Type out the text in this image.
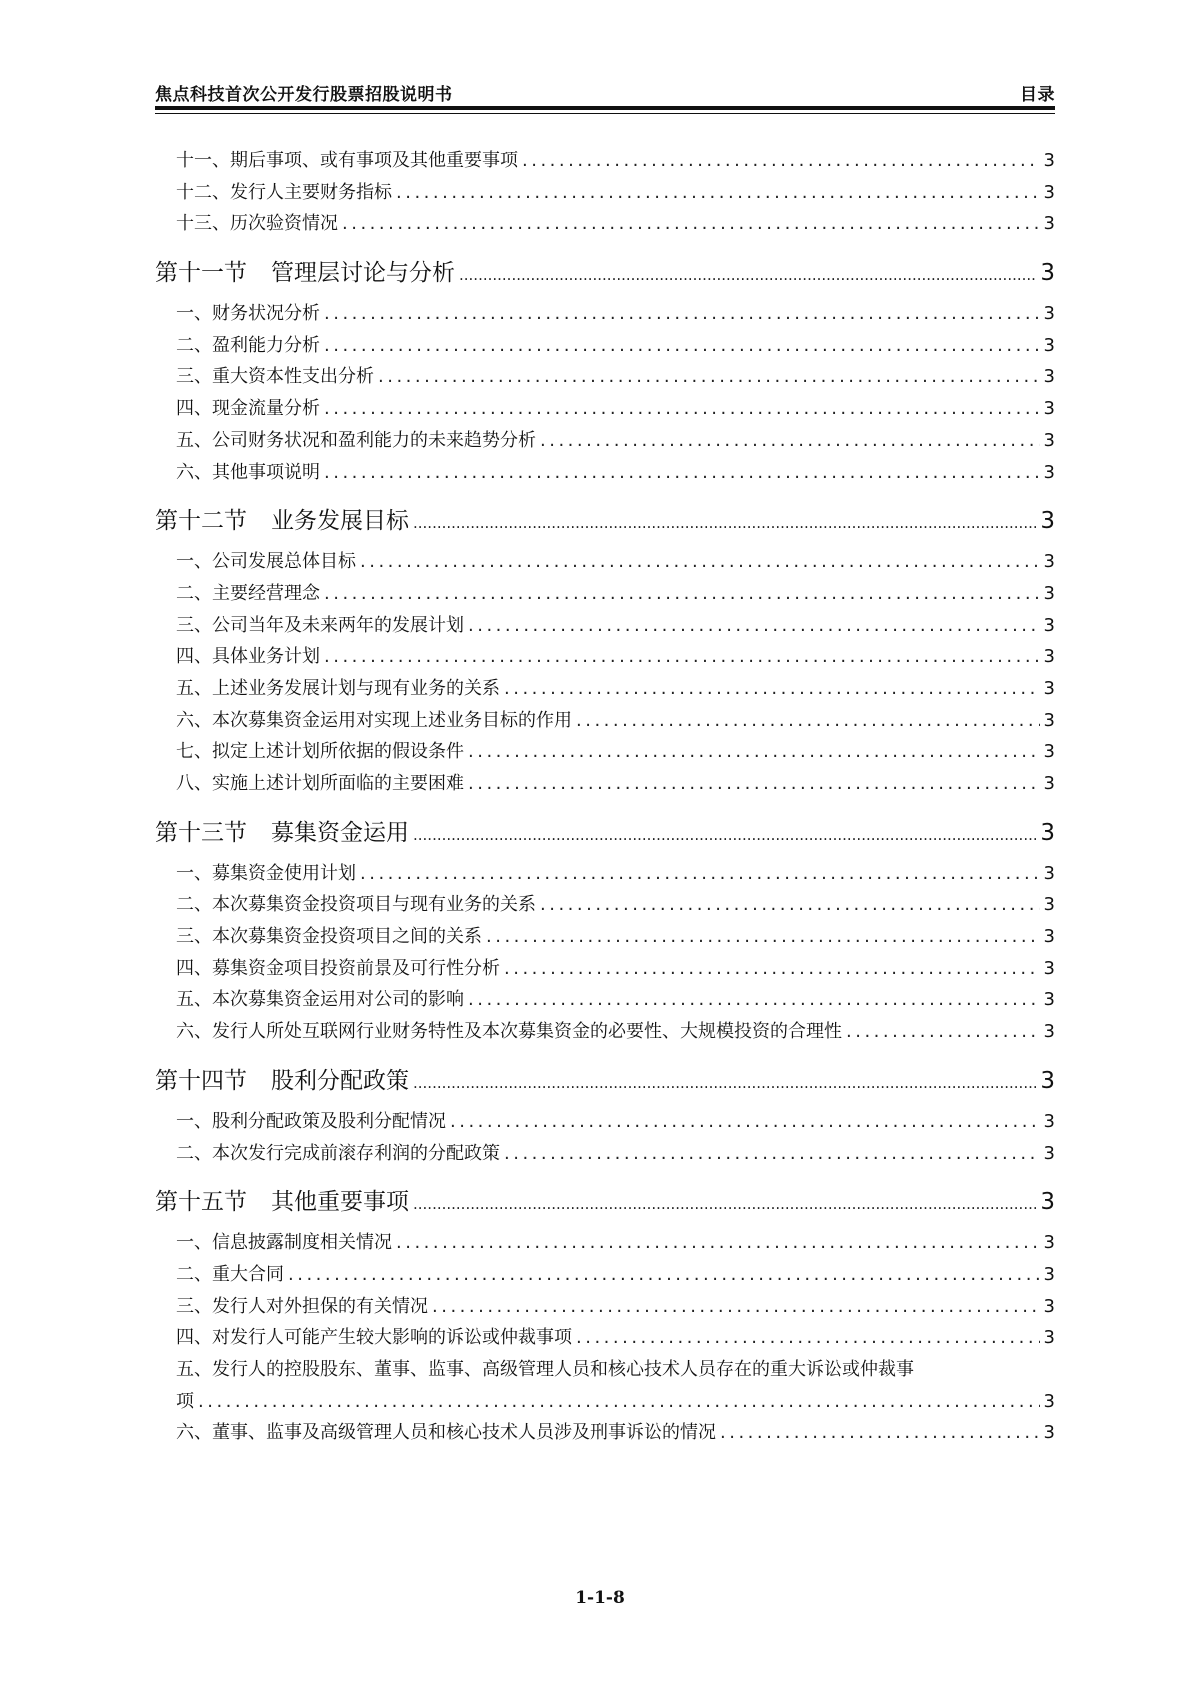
焦点科技首次公开发行股票招股说明书	目录
十一、期后事项、或有事项及其他重要事项 .....	3
十二、发行人主要财务指标 .....	3
十三、历次验资情况 .....	3
第十一节 管理层讨论与分析 .....	3
一、财务状况分析 .....	3
二、盈利能力分析 .....	3
三、重大资本性支出分析 .....	3
四、现金流量分析 .....	3
五、公司财务状况和盈利能力的未来趋势分析 .....	3
六、其他事项说明 .....	3
第十二节 业务发展目标 .....	3
一、公司发展总体目标 .....	3
二、主要经营理念 .....	3
三、公司当年及未来两年的发展计划 .....	3
四、具体业务计划 .....	3
五、上述业务发展计划与现有业务的关系 .....	3
六、本次募集资金运用对实现上述业务目标的作用 .....	3
七、拟定上述计划所依据的假设条件 .....	3
八、实施上述计划所面临的主要困难 .....	3
第十三节 募集资金运用 .....	3
一、募集资金使用计划 .....	3
二、本次募集资金投资项目与现有业务的关系 .....	3
三、本次募集资金投资项目之间的关系 .....	3
四、募集资金项目投资前景及可行性分析 .....	3
五、本次募集资金运用对公司的影响 .....	3
六、发行人所处互联网行业财务特性及本次募集资金的必要性、大规模投资的合理性 .....	3
第十四节 股利分配政策 .....	3
一、股利分配政策及股利分配情况 .....	3
二、本次发行完成前滚存利润的分配政策 .....	3
第十五节 其他重要事项 .....	3
一、信息披露制度相关情况 .....	3
二、重大合同 .....	3
三、发行人对外担保的有关情况 .....	3
四、对发行人可能产生较大影响的诉讼或仲裁事项 .....	3
五、发行人的控股股东、董事、监事、高级管理人员和核心技术人员存在的重大诉讼或仲裁事
项 .....	3
六、董事、监事及高级管理人员和核心技术人员涉及刑事诉讼的情况 .....	3
1-1-8
